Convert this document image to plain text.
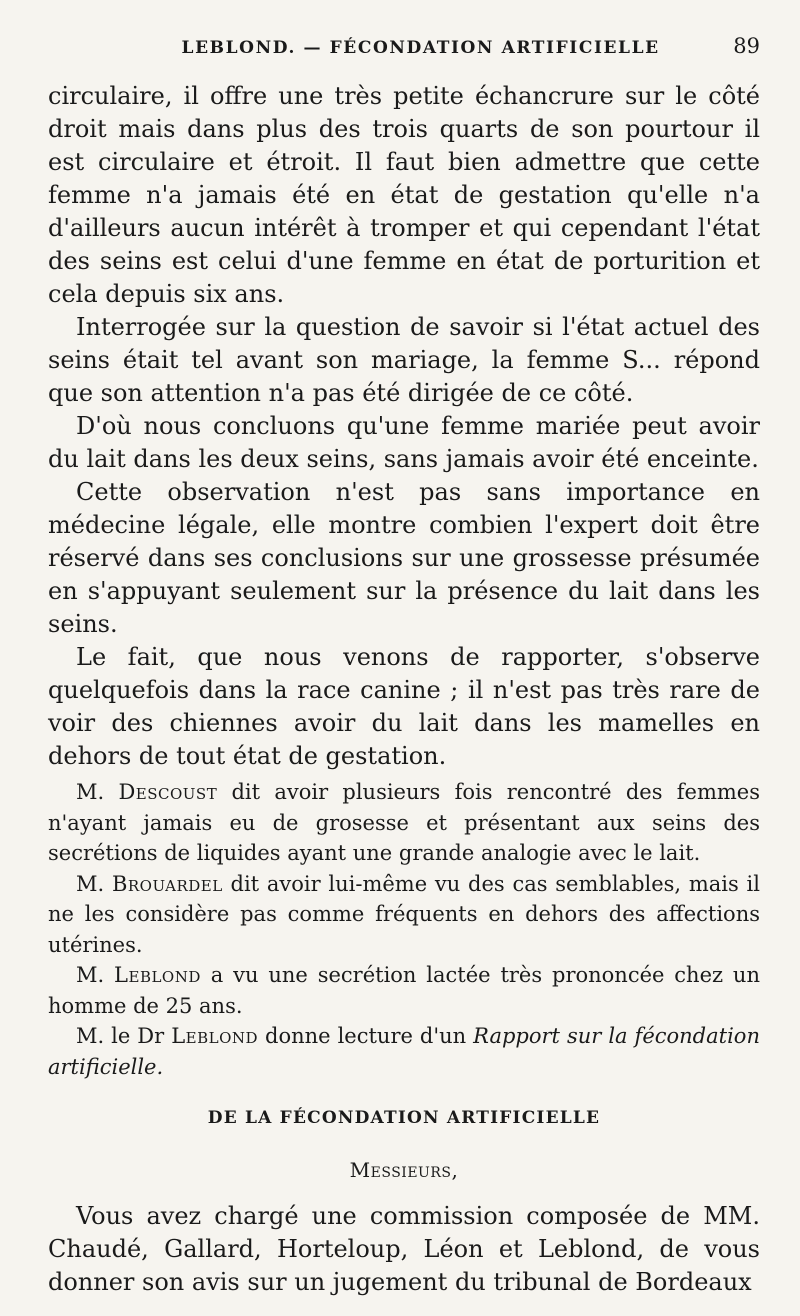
LEBLOND. — FÉCONDATION ARTIFICIELLE	89

circulaire, il offre une très petite échancrure sur le côté droit mais dans plus des trois quarts de son pourtour il est circulaire et étroit. Il faut bien admettre que cette femme n'a jamais été en état de gestation qu'elle n'a d'ailleurs aucun intérêt à tromper et qui cependant l'état des seins est celui d'une femme en état de porturition et cela depuis six ans.

Interrogée sur la question de savoir si l'état actuel des seins était tel avant son mariage, la femme S... répond que son attention n'a pas été dirigée de ce côté.

D'où nous concluons qu'une femme mariée peut avoir du lait dans les deux seins, sans jamais avoir été enceinte.

Cette observation n'est pas sans importance en médecine légale, elle montre combien l'expert doit être réservé dans ses conclusions sur une grossesse présumée en s'appuyant seulement sur la présence du lait dans les seins.

Le fait, que nous venons de rapporter, s'observe quelquefois dans la race canine ; il n'est pas très rare de voir des chiennes avoir du lait dans les mamelles en dehors de tout état de gestation.

M. Descoust dit avoir plusieurs fois rencontré des femmes n'ayant jamais eu de grosesse et présentant aux seins des secrétions de liquides ayant une grande analogie avec le lait.

M. Brouardel dit avoir lui-même vu des cas semblables, mais il ne les considère pas comme fréquents en dehors des affections utérines.

M. Leblond a vu une secrétion lactée très prononcée chez un homme de 25 ans.

M. le Dr Leblond donne lecture d'un Rapport sur la fécondation artificielle.

DE LA FÉCONDATION ARTIFICIELLE
Messieurs,

Vous avez chargé une commission composée de MM. Chaudé, Gallard, Horteloup, Léon et Leblond, de vous donner son avis sur un jugement du tribunal de Bordeaux
